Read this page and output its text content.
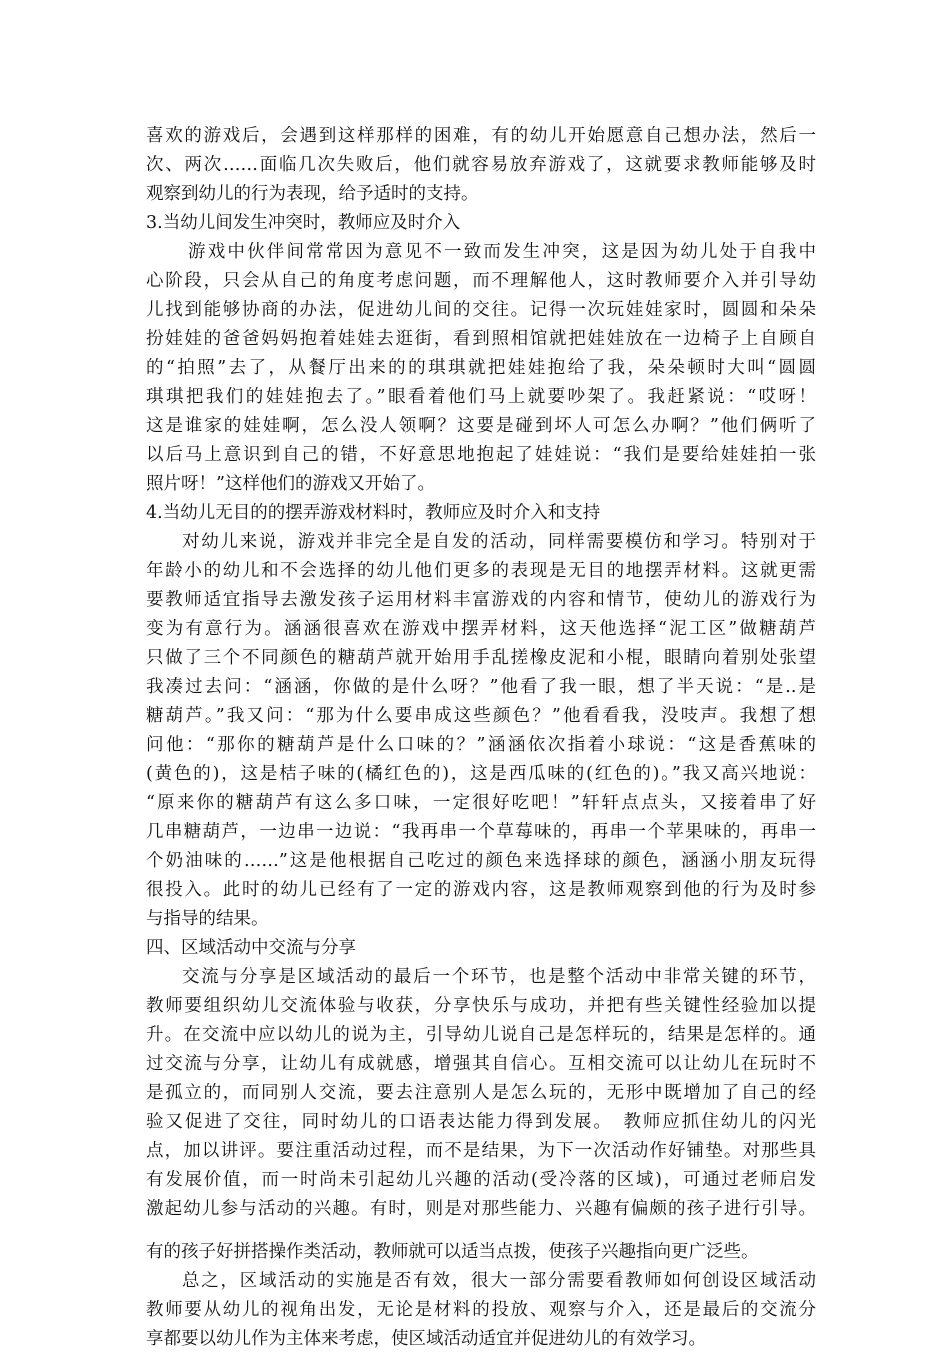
喜欢的游戏后，会遇到这样那样的困难，有的幼儿开始愿意自己想办法，然后一
次、两次……面临几次失败后，他们就容易放弃游戏了，这就要求教师能够及时
观察到幼儿的行为表现，给予适时的支持。
3.当幼儿间发生冲突时，教师应及时介入
游戏中伙伴间常常因为意见不一致而发生冲突，这是因为幼儿处于自我中
心阶段，只会从自己的角度考虑问题，而不理解他人，这时教师要介入并引导幼
儿找到能够协商的办法，促进幼儿间的交往。记得一次玩娃娃家时，圆圆和朵朵
扮娃娃的爸爸妈妈抱着娃娃去逛街，看到照相馆就把娃娃放在一边椅子上自顾自
的“拍照”去了，从餐厅出来的的琪琪就把娃娃抱给了我，朵朵顿时大叫“圆圆
琪琪把我们的娃娃抱去了。”眼看着他们马上就要吵架了。我赶紧说：“哎呀！
这是谁家的娃娃啊，怎么没人领啊？这要是碰到坏人可怎么办啊？”他们俩听了
以后马上意识到自己的错，不好意思地抱起了娃娃说：“我们是要给娃娃拍一张
照片呀！”这样他们的游戏又开始了。
4.当幼儿无目的的摆弄游戏材料时，教师应及时介入和支持
对幼儿来说，游戏并非完全是自发的活动，同样需要模仿和学习。特别对于
年龄小的幼儿和不会选择的幼儿他们更多的表现是无目的地摆弄材料。这就更需
要教师适宜指导去激发孩子运用材料丰富游戏的内容和情节，使幼儿的游戏行为
变为有意行为。涵涵很喜欢在游戏中摆弄材料，这天他选择“泥工区”做糖葫芦
只做了三个不同颜色的糖葫芦就开始用手乱搓橡皮泥和小棍，眼睛向着别处张望
我凑过去问：“涵涵，你做的是什么呀？”他看了我一眼，想了半天说：“是..是
糖葫芦。”我又问：“那为什么要串成这些颜色？”他看看我，没吱声。我想了想
问他：“那你的糖葫芦是什么口味的？”涵涵依次指着小球说：“这是香蕉味的
(黄色的)，这是桔子味的(橘红色的)，这是西瓜味的(红色的)。”我又高兴地说：
“原来你的糖葫芦有这么多口味，一定很好吃吧！”轩轩点点头，又接着串了好
几串糖葫芦，一边串一边说：“我再串一个草莓味的，再串一个苹果味的，再串一
个奶油味的……”这是他根据自己吃过的颜色来选择球的颜色，涵涵小朋友玩得
很投入。此时的幼儿已经有了一定的游戏内容，这是教师观察到他的行为及时参
与指导的结果。
四、区域活动中交流与分享
交流与分享是区域活动的最后一个环节，也是整个活动中非常关键的环节，
教师要组织幼儿交流体验与收获，分享快乐与成功，并把有些关键性经验加以提
升。在交流中应以幼儿的说为主，引导幼儿说自己是怎样玩的，结果是怎样的。通
过交流与分享，让幼儿有成就感，增强其自信心。互相交流可以让幼儿在玩时不
是孤立的，而同别人交流，要去注意别人是怎么玩的，无形中既增加了自己的经
验又促进了交往，同时幼儿的口语表达能力得到发展。　教师应抓住幼儿的闪光
点，加以讲评。要注重活动过程，而不是结果，为下一次活动作好铺垫。对那些具
有发展价值，而一时尚未引起幼儿兴趣的活动(受冷落的区域)，可通过老师启发
激起幼儿参与活动的兴趣。有时，则是对那些能力、兴趣有偏颇的孩子进行引导。
有的孩子好拼搭操作类活动，教师就可以适当点拨，使孩子兴趣指向更广泛些。
总之，区域活动的实施是否有效，很大一部分需要看教师如何创设区域活动
教师要从幼儿的视角出发，无论是材料的投放、观察与介入，还是最后的交流分
享都要以幼儿作为主体来考虑，使区域活动适宜并促进幼儿的有效学习。
